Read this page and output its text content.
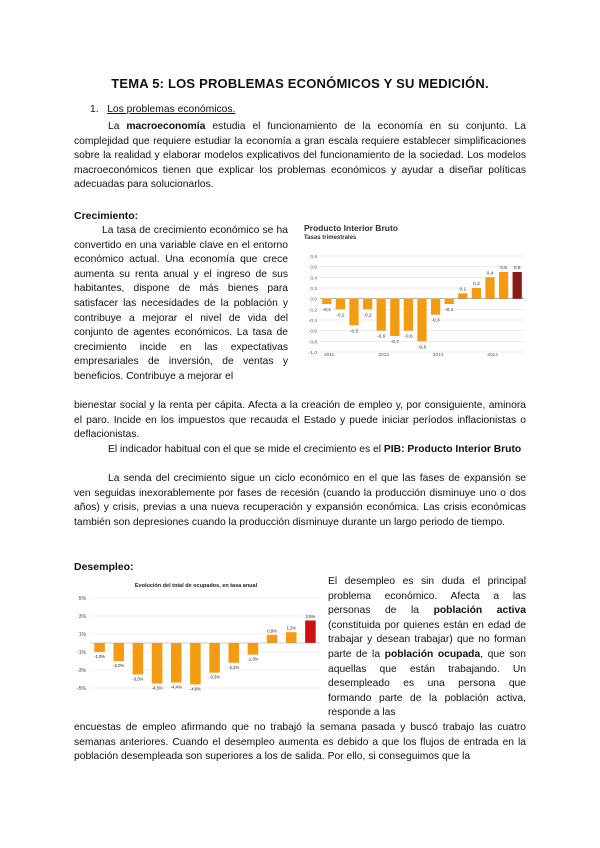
TEMA 5: LOS PROBLEMAS ECONÓMICOS Y SU MEDICIÓN.
1. Los problemas económicos.

La macroeconomía estudia el funcionamiento de la economía en su conjunto. La complejidad que requiere estudiar la economía a gran escala requiere establecer simplificaciones sobre la realidad y elaborar modelos explicativos del funcionamiento de la sociedad. Los modelos macroeconómicos tienen que explicar los problemas económicos y ayudar a diseñar políticas adecuadas para solucionarlos.

Crecimiento:

La tasa de crecimiento económico se ha convertido en una variable clave en el entorno económico actual. Una economía que crece aumenta su renta anual y el ingreso de sus habitantes, dispone de más bienes para satisfacer las necesidades de la población y contribuye a mejorar el nivel de vida del conjunto de agentes económicos. La tasa de crecimiento incide en las expectativas empresariales de inversión, de ventas y beneficios. Contribuye a mejorar el

Producto Interior Bruto
Tasas trimestrales
0,8
0,6
0,4
0,2
0,0
-0,2
-0,4
-0,6
-0,8
-1,0
-0,1
-0,2
-0,5
-0,2
-0,6
-0,7
-0,6
-0,8
-0,3
-0,1
0,1
0,2
0,4
0,5 0,5
2011	2012	2013	2014

bienestar social y la renta per cápita. Afecta a la creación de empleo y, por consiguiente, aminora el paro. Incide en los impuestos que recauda el Estado y puede iniciar períodos inflacionistas o deflacionistas.

El indicador habitual con el que se mide el crecimiento es el PIB: Producto Interior Bruto

La senda del crecimiento sigue un ciclo económico en el que las fases de expansión se ven seguidas inexorablemente por fases de recesión (cuando la producción disminuye uno o dos años) y crisis, previas a una nueva recuperación y expansión económica. Las crisis económicas también son depresiones cuando la producción disminuye durante un largo periodo de tiempo.

Desempleo:
Evolución del total de ocupados, en tasa anual
5%
3%
1%
-1%
-3%
-5%
-1,0%
-2,0%
-3,5%
-4,5% -4,4% -4,6%
-3,3%
-2,2%
-1,3%
0,9%
1,2%
2,5%

El desempleo es sin duda el principal problema económico. Afecta a las personas de la población activa (constituida por quienes están en edad de trabajar y desean trabajar) que no forman parte de la población ocupada, que son aquellas que están trabajando. Un desempleado es una persona que formando parte de la población activa, responde a las

encuestas de empleo afirmando que no trabajó la semana pasada y buscó trabajo las cuatro semanas anteriores. Cuando el desempleo aumenta es debido a que los flujos de entrada en la población desempleada son superiores a los de salida. Por ello, si conseguimos que la
